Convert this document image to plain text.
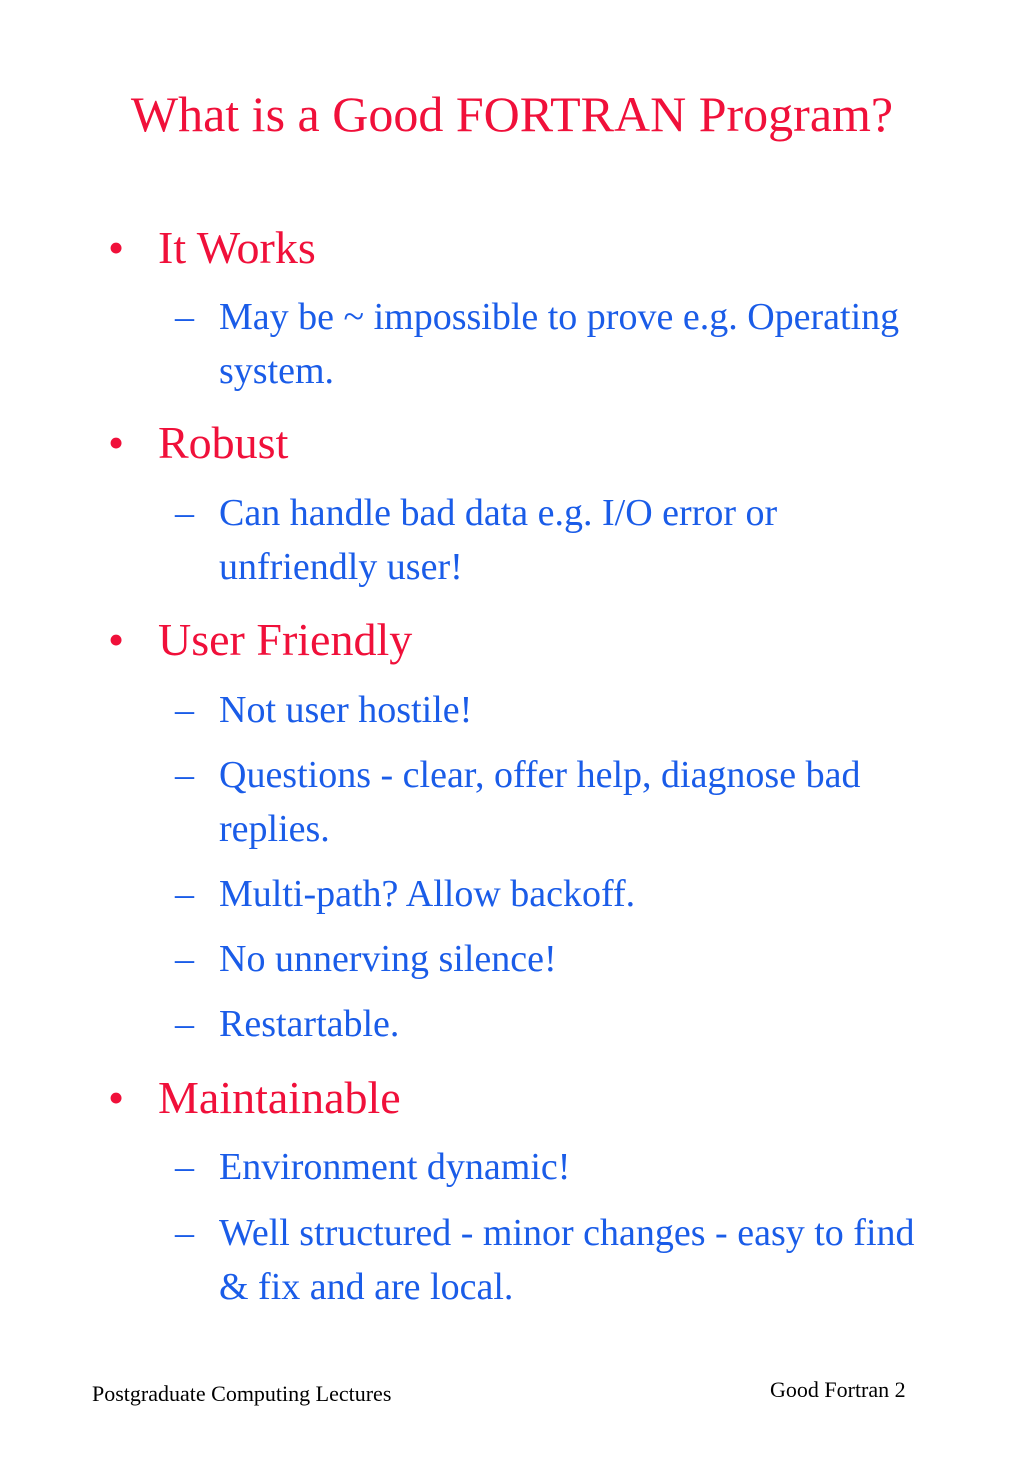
What is a Good FORTRAN Program?
• It Works
– May be ~ impossible to prove e.g. Operating system.
• Robust
– Can handle bad data e.g. I/O error or unfriendly user!
• User Friendly
– Not user hostile!
– Questions - clear, offer help, diagnose bad replies.
– Multi-path? Allow backoff.
– No unnerving silence!
– Restartable.
• Maintainable
– Environment dynamic!
– Well structured - minor changes - easy to find & fix and are local.
Postgraduate Computing Lectures	Good Fortran 2
